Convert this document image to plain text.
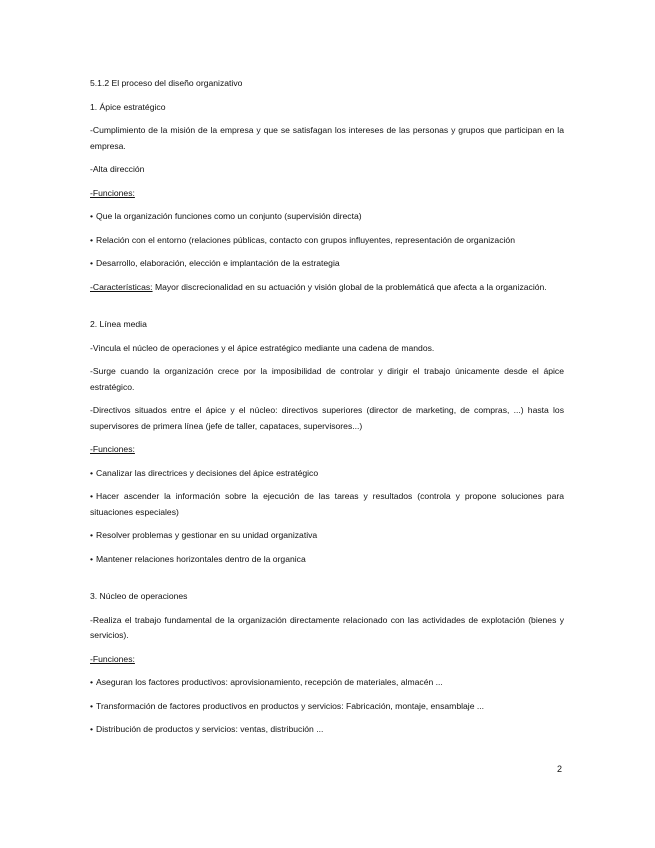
5.1.2 El proceso del diseño organizativo

1. Ápice estratégico

-Cumplimiento de la misión de la empresa y que se satisfagan los intereses de las personas y grupos que participan en la empresa.

-Alta dirección

-Funciones:

• Que la organización funciones como un conjunto (supervisión directa)

• Relación con el entorno (relaciones públicas, contacto con grupos influyentes, representación de organización

• Desarrollo, elaboración, elección e implantación de la estrategia

-Características: Mayor discrecionalidad en su actuación y visión global de la problemáticá que afecta a la organización.

2. Línea media

-Vincula el núcleo de operaciones y el ápice estratégico mediante una cadena de mandos.

-Surge cuando la organización crece por la imposibilidad de controlar y dirigir el trabajo únicamente desde el ápice estratégico.

-Directivos situados entre el ápice y el núcleo: directivos superiores (director de marketing, de compras, ...) hasta los supervisores de primera línea (jefe de taller, capataces, supervisores...)

-Funciones:

• Canalizar las directrices y decisiones del ápice estratégico

• Hacer ascender la información sobre la ejecución de las tareas y resultados (controla y propone soluciones para situaciones especiales)

• Resolver problemas y gestionar en su unidad organizativa

• Mantener relaciones horizontales dentro de la organica

3. Núcleo de operaciones

-Realiza el trabajo fundamental de la organización directamente relacionado con las actividades de explotación (bienes y servicios).

-Funciones:

• Aseguran los factores productivos: aprovisionamiento, recepción de materiales, almacén ...

• Transformación de factores productivos en productos y servicios: Fabricación, montaje, ensamblaje ...

• Distribución de productos y servicios: ventas, distribución ...

2
